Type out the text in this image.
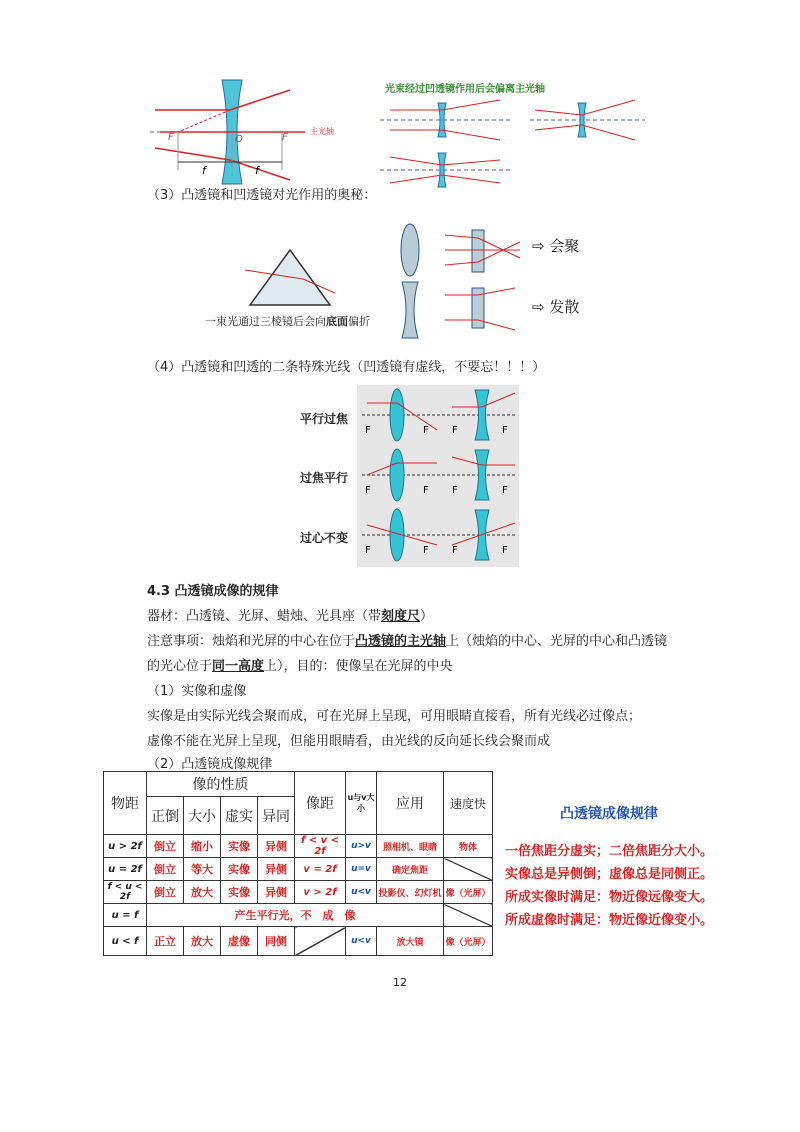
F	O	F
主光轴
f	f
光束经过凹透镜作用后会偏离主光轴
（3）凸透镜和凹透镜对光作用的奥秘：
一束光通过三棱镜后会向底面偏折
⇨ 会聚
⇨ 发散
（4）凸透镜和凹透的二条特殊光线（凹透镜有虚线，不要忘！！！）
F	F F	F
F	F F	F
F	F F	F
平行过焦
过焦平行
过心不变
4.3 凸透镜成像的规律
器材：凸透镜、光屏、蜡烛、光具座（带刻度尺）
注意事项：烛焰和光屏的中心在位于凸透镜的主光轴上（烛焰的中心、光屏的中心和凸透镜
的光心位于同一高度上），目的：使像呈在光屏的中央
（1）实像和虚像
实像是由实际光线会聚而成，可在光屏上呈现，可用眼睛直接看，所有光线必过像点；
虚像不能在光屏上呈现，但能用眼睛看，由光线的反向延长线会聚而成
（2）凸透镜成像规律
物距	像的性质				像距	u与v大小	应用	速度快
	正倒	大小	虚实	异同				
u > 2f	倒立	缩小	实像	异侧	f < v < 2f	u>v	照相机、眼睛	物体
u = 2f	倒立	等大	实像	异侧	v = 2f	u=v	确定焦距	
f < u < 2f	倒立	放大	实像	异侧	v > 2f	u<v	投影仪、幻灯机	像（光屏）
u = f	产生平行光，不　成　像							
u < f	正立	放大	虚像	同侧		u<v	放大镜	像（光屏）
凸透镜成像规律
一倍焦距分虚实；二倍焦距分大小。
实像总是异侧倒；虚像总是同侧正。
所成实像时满足：物近像远像变大。
所成虚像时满足：物近像近像变小。
12
